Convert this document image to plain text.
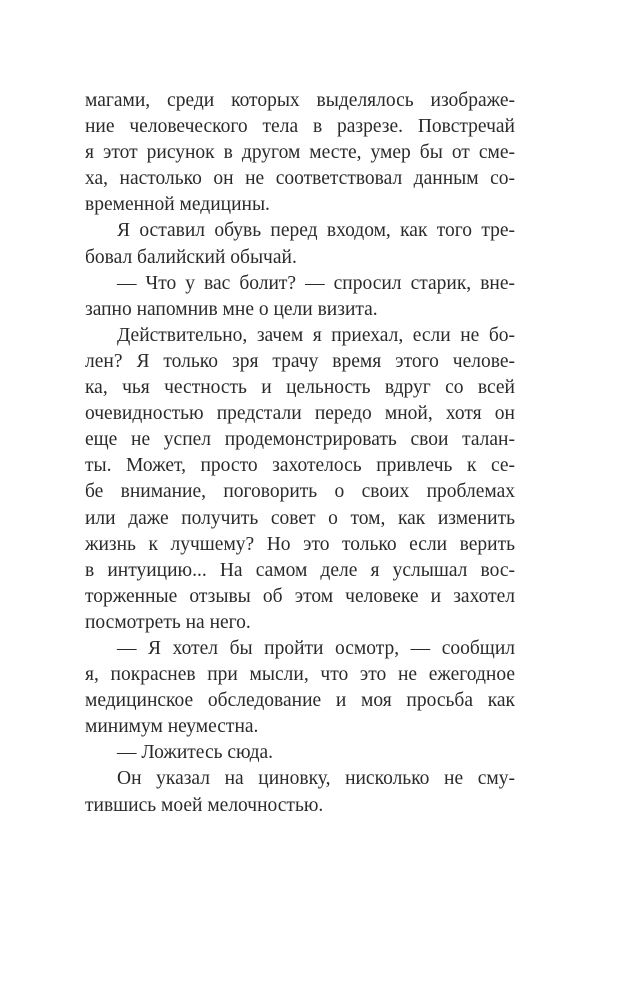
магами, среди которых выделялось изображе-
ние человеческого тела в разрезе. Повстречай
я этот рисунок в другом месте, умер бы от сме-
ха, настолько он не соответствовал данным со-
временной медицины.
Я оставил обувь перед входом, как того тре-
бовал балийский обычай.
— Что у вас болит? — спросил старик, вне-
запно напомнив мне о цели визита.
Действительно, зачем я приехал, если не бо-
лен? Я только зря трачу время этого челове-
ка, чья честность и цельность вдруг со всей
очевидностью предстали передо мной, хотя он
еще не успел продемонстрировать свои талан-
ты. Может, просто захотелось привлечь к се-
бе внимание, поговорить о своих проблемах
или даже получить совет о том, как изменить
жизнь к лучшему? Но это только если верить
в интуицию... На самом деле я услышал вос-
торженные отзывы об этом человеке и захотел
посмотреть на него.
— Я хотел бы пройти осмотр, — сообщил
я, покраснев при мысли, что это не ежегодное
медицинское обследование и моя просьба как
минимум неуместна.
— Ложитесь сюда.
Он указал на циновку, нисколько не сму-
тившись моей мелочностью.
